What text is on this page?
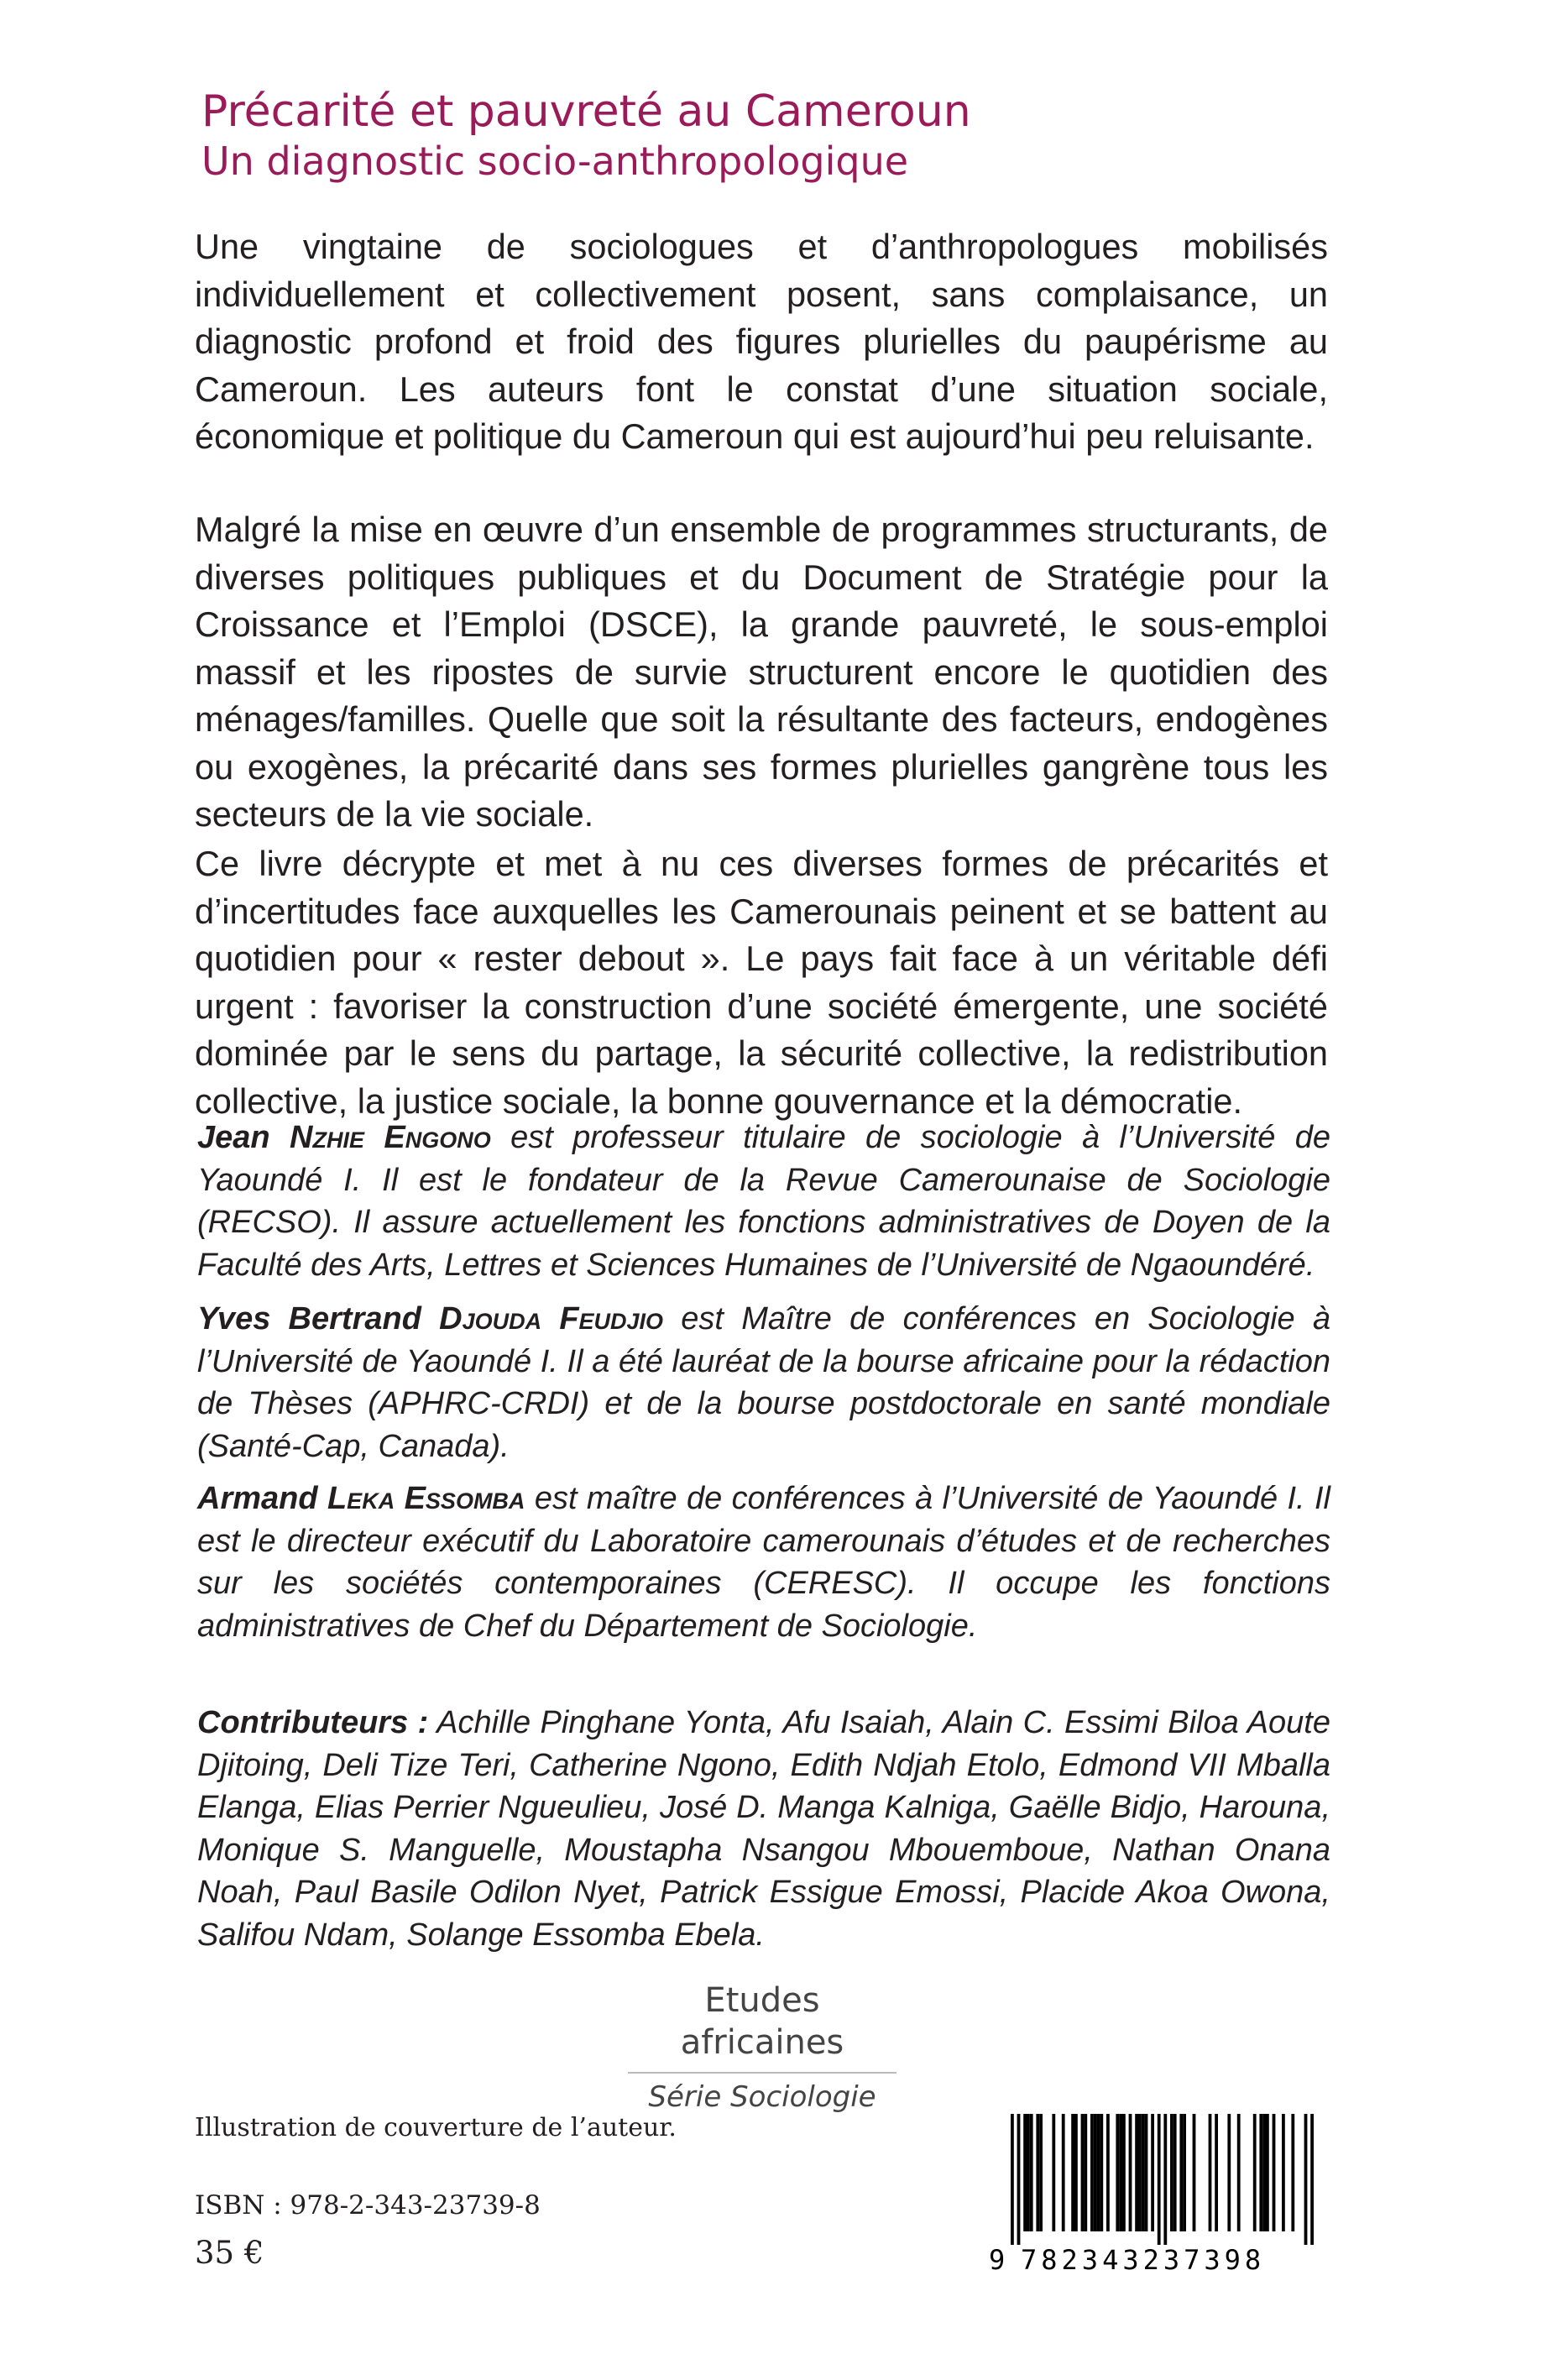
Précarité et pauvreté au Cameroun
Un diagnostic socio-anthropologique

Une vingtaine de sociologues et d’anthropologues mobilisés individuellement et collectivement posent, sans complaisance, un diagnostic profond et froid des figures plurielles du paupérisme au Cameroun. Les auteurs font le constat d’une situation sociale, économique et politique du Cameroun qui est aujourd’hui peu reluisante.

Malgré la mise en œuvre d’un ensemble de programmes structurants, de diverses politiques publiques et du Document de Stratégie pour la Croissance et l’Emploi (DSCE), la grande pauvreté, le sous-emploi massif et les ripostes de survie structurent encore le quotidien des ménages/familles. Quelle que soit la résultante des facteurs, endogènes ou exogènes, la précarité dans ses formes plurielles gangrène tous les secteurs de la vie sociale.

Ce livre décrypte et met à nu ces diverses formes de précarités et d’incertitudes face auxquelles les Camerounais peinent et se battent au quotidien pour « rester debout ». Le pays fait face à un véritable défi urgent : favoriser la construction d’une société émergente, une société dominée par le sens du partage, la sécurité collective, la redistribution collective, la justice sociale, la bonne gouvernance et la démocratie.

Jean Nzhie Engono est professeur titulaire de sociologie à l’Université de Yaoundé I. Il est le fondateur de la Revue Camerounaise de Sociologie (RECSO). Il assure actuellement les fonctions administratives de Doyen de la Faculté des Arts, Lettres et Sciences Humaines de l’Université de Ngaoundéré.

Yves Bertrand Djouda Feudjio est Maître de conférences en Sociologie à l’Université de Yaoundé I. Il a été lauréat de la bourse africaine pour la rédaction de Thèses (APHRC-CRDI) et de la bourse postdoctorale en santé mondiale (Santé-Cap, Canada).

Armand Leka Essomba est maître de conférences à l’Université de Yaoundé I. Il est le directeur exécutif du Laboratoire camerounais d’études et de recherches sur les sociétés contemporaines (CERESC). Il occupe les fonctions administratives de Chef du Département de Sociologie.

Contributeurs : Achille Pinghane Yonta, Afu Isaiah, Alain C. Essimi Biloa Aoute Djitoing, Deli Tize Teri, Catherine Ngono, Edith Ndjah Etolo, Edmond VII Mballa Elanga, Elias Perrier Ngueulieu, José D. Manga Kalniga, Gaëlle Bidjo, Harouna, Monique S. Manguelle, Moustapha Nsangou Mbouemboue, Nathan Onana Noah, Paul Basile Odilon Nyet, Patrick Essigue Emossi, Placide Akoa Owona, Salifou Ndam, Solange Essomba Ebela.

Etudes africaines
Série Sociologie
Illustration de couverture de l’auteur.
ISBN : 978-2-343-23739-8
35 €	9 782343237398
